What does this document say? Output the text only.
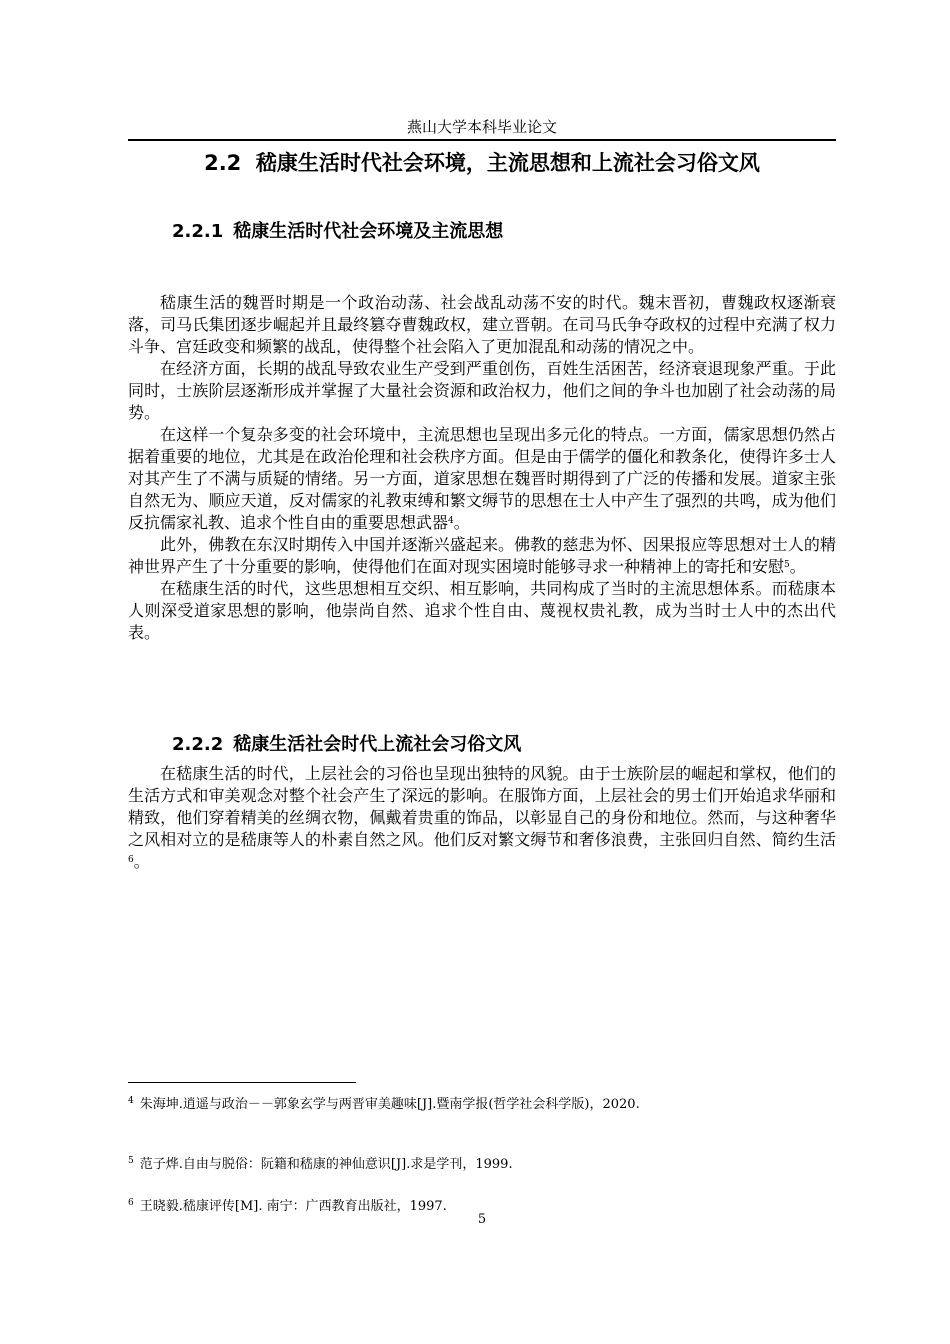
燕山大学本科毕业论文
2.2 嵇康生活时代社会环境，主流思想和上流社会习俗文风
2.2.1 嵇康生活时代社会环境及主流思想

嵇康生活的魏晋时期是一个政治动荡、社会战乱动荡不安的时代。魏末晋初，曹魏政权逐渐衰落，司马氏集团逐步崛起并且最终篡夺曹魏政权，建立晋朝。在司马氏争夺政权的过程中充满了权力斗争、宫廷政变和频繁的战乱，使得整个社会陷入了更加混乱和动荡的情况之中。

在经济方面，长期的战乱导致农业生产受到严重创伤，百姓生活困苦，经济衰退现象严重。于此同时，士族阶层逐渐形成并掌握了大量社会资源和政治权力，他们之间的争斗也加剧了社会动荡的局势。

在这样一个复杂多变的社会环境中，主流思想也呈现出多元化的特点。一方面，儒家思想仍然占据着重要的地位，尤其是在政治伦理和社会秩序方面。但是由于儒学的僵化和教条化，使得许多士人对其产生了不满与质疑的情绪。另一方面，道家思想在魏晋时期得到了广泛的传播和发展。道家主张自然无为、顺应天道，反对儒家的礼教束缚和繁文缛节的思想在士人中产生了强烈的共鸣，成为他们反抗儒家礼教、追求个性自由的重要思想武器$^4$。

此外，佛教在东汉时期传入中国并逐渐兴盛起来。佛教的慈悲为怀、因果报应等思想对士人的精神世界产生了十分重要的影响，使得他们在面对现实困境时能够寻求一种精神上的寄托和安慰$^5$。

在嵇康生活的时代，这些思想相互交织、相互影响，共同构成了当时的主流思想体系。而嵇康本人则深受道家思想的影响，他崇尚自然、追求个性自由、蔑视权贵礼教，成为当时士人中的杰出代表。

2.2.2 嵇康生活社会时代上流社会习俗文风

在嵇康生活的时代，上层社会的习俗也呈现出独特的风貌。由于士族阶层的崛起和掌权，他们的生活方式和审美观念对整个社会产生了深远的影响。在服饰方面，上层社会的男士们开始追求华丽和精致，他们穿着精美的丝绸衣物，佩戴着贵重的饰品，以彰显自己的身份和地位。然而，与这种奢华之风相对立的是嵇康等人的朴素自然之风。他们反对繁文缛节和奢侈浪费，主张回归自然、简约生活$^6$。

$^4$ 朱海坤.逍遥与政治－－郭象玄学与两晋审美趣味[J].暨南学报(哲学社会科学版)，2020.
$^5$ 范子烨.自由与脱俗：阮籍和嵇康的神仙意识[J].求是学刊，1999.
$^6$ 王晓毅.嵇康评传[M]. 南宁：广西教育出版社，1997.
5
